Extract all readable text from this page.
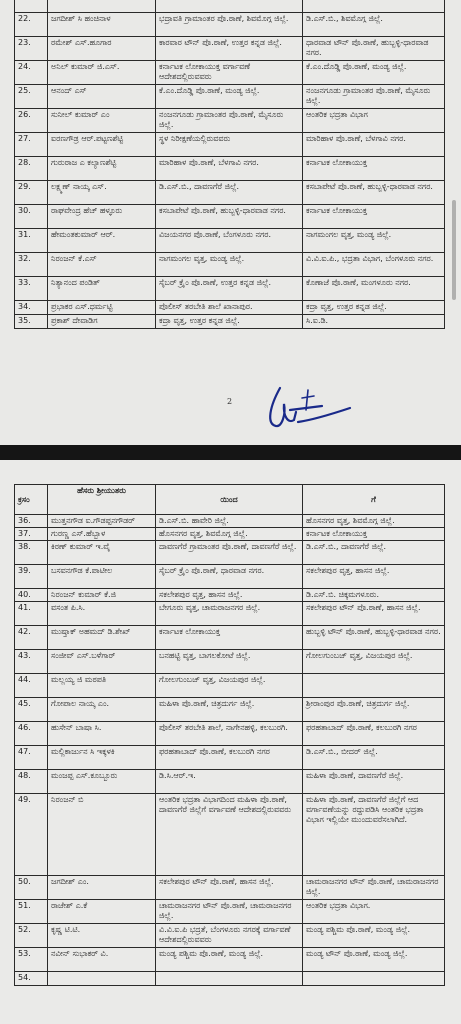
22.	ಜಗದೀಶ್ ಸಿ ಹಂಚಿನಾಳ	ಭದ್ರಾವತಿ ಗ್ರಾಮಾಂತರ ಪೊ.ಠಾಣೆ, ಶಿವಮೊಗ್ಗ ಜಿಲ್ಲೆ.	ಡಿ.ಎಸ್.ಬಿ., ಶಿವಮೊಗ್ಗ ಜಿಲ್ಲೆ.
23.	ರಮೇಶ್ ಎಸ್.ಹೂಗಾರ	ಕಾರವಾರ ಟೌನ್ ಪೊ.ಠಾಣೆ, ಉತ್ತರ ಕನ್ನಡ ಜಿಲ್ಲೆ.	ಧಾರವಾಡ ಟೌನ್ ಪೊ.ಠಾಣೆ, ಹುಬ್ಬಳ್ಳಿ-ಧಾರವಾಡ ನಗರ.
24.	ಅನಿಲ್ ಕುಮಾರ್ ಜಿ.ಎಸ್.	ಕರ್ನಾಟಕ ಲೋಕಾಯುಕ್ತ ವರ್ಗಾವಣೆ ಆದೇಶದಲ್ಲಿರುವವರು	ಕೆ.ಎಂ.ದೊಡ್ಡಿ ಪೊ.ಠಾಣೆ, ಮಂಡ್ಯ ಜಿಲ್ಲೆ.
25.	ಆನಂದ್ ಎಸ್	ಕೆ.ಎಂ.ದೊಡ್ಡಿ ಪೊ.ಠಾಣೆ, ಮಂಡ್ಯ ಜಿಲ್ಲೆ.	ನಂಜನಗೂಡು ಗ್ರಾಮಾಂತರ ಪೊ.ಠಾಣೆ, ಮೈಸೂರು ಜಿಲ್ಲೆ.
26.	ಸುನೀಲ್ ಕುಮಾರ್ ಎಂ	ನಂಜನಗೂಡು ಗ್ರಾಮಾಂತರ ಪೊ.ಠಾಣೆ, ಮೈಸೂರು ಜಿಲ್ಲೆ.	ಆಂತರಿಕ ಭದ್ರತಾ ವಿಭಾಗ
27.	ಐರಣಗೌಡ್ರ ಆರ್.ಪಟ್ಟಣಶೆಟ್ಟಿ	ಸ್ಥಳ ನಿರೀಕ್ಷಣೆಯಲ್ಲಿರುವವರು	ಮಾರಿಹಾಳ ಪೊ.ಠಾಣೆ, ಬೆಳಗಾವಿ ನಗರ.
28.	ಗುರುರಾಜ ಎ ಕಲ್ಯಾಣಶೆಟ್ಟಿ	ಮಾರಿಹಾಳ ಪೊ.ಠಾಣೆ, ಬೆಳಗಾವಿ ನಗರ.	ಕರ್ನಾಟಕ ಲೋಕಾಯುಕ್ತ
29.	ಲಕ್ಷ್ಮಣ್ ನಾಯ್ಕ ಎಸ್.	ಡಿ.ಎಸ್.ಬಿ., ದಾವಣಗೆರೆ ಜಿಲ್ಲೆ.	ಕಸಬಾಪೇಟೆ ಪೊ.ಠಾಣೆ, ಹುಬ್ಬಳ್ಳಿ-ಧಾರವಾಡ ನಗರ.
30.	ರಾಘವೇಂದ್ರ ಹೆಚ್ ಹಳ್ಳೂರು	ಕಸಬಾಪೇಟೆ ಪೊ.ಠಾಣೆ, ಹುಬ್ಬಳ್ಳಿ-ಧಾರವಾಡ ನಗರ.	ಕರ್ನಾಟಕ ಲೋಕಾಯುಕ್ತ
31.	ಹೇಮಂತಕುಮಾರ್ ಆರ್.	ವಿಜಯನಗರ ಪೊ.ಠಾಣೆ, ಬೆಂಗಳೂರು ನಗರ.	ನಾಗಮಂಗಲ ವೃತ್ತ, ಮಂಡ್ಯ ಜಿಲ್ಲೆ.
32.	ನಿರಂಜನ್ ಕೆ.ಎಸ್	ನಾಗಮಂಗಲ ವೃತ್ತ, ಮಂಡ್ಯ ಜಿಲ್ಲೆ.	ವಿ.ವಿ.ಐ.ಪಿ., ಭದ್ರತಾ ವಿಭಾಗ, ಬೆಂಗಳೂರು ನಗರ.
33.	ನಿತ್ಯಾನಂದ ಪಂಡಿತ್	ಸೈಬರ್ ಕ್ರೈಂ ಪೊ.ಠಾಣೆ, ಉತ್ತರ ಕನ್ನಡ ಜಿಲ್ಲೆ.	ಕೊಣಾಜೆ ಪೊ.ಠಾಣೆ, ಮಂಗಳೂರು ನಗರ.
34.	ಪ್ರಭಾಕರ ಎಸ್.ಧರ್ಮಟ್ಟಿ	ಪೊಲೀಸ್ ತರಬೇತಿ ಶಾಲೆ ಖಾನಾಪುರ.	ಕದ್ರಾ ವೃತ್ತ, ಉತ್ತರ ಕನ್ನಡ ಜಿಲ್ಲೆ.
35.	ಪ್ರಕಾಶ್ ದೇವಾಡಿಗ	ಕದ್ರಾ ವೃತ್ತ, ಉತ್ತರ ಕನ್ನಡ ಜಿಲ್ಲೆ.	ಸಿ.ಐ.ಡಿ.
2
ಕ್ರಸಂ	ಹೆಸರು ಶ್ರೀಯುತರು	ಯಿಂದ	ಗೆ
36.	ಮುತ್ತನಗೌಡ ಐ.ಗೌಡಪ್ಪನಗೌಡರ್	ಡಿ.ಎಸ್.ಬಿ. ಹಾವೇರಿ ಜಿಲ್ಲೆ.	ಹೊಸನಗರ ವೃತ್ತ, ಶಿವಮೊಗ್ಗ ಜಿಲ್ಲೆ.
37.	ಗುರಣ್ಣ ಎಸ್.ಹೆಬ್ಬಾಳ	ಹೊಸನಗರ ವೃತ್ತ, ಶಿವಮೊಗ್ಗ ಜಿಲ್ಲೆ.	ಕರ್ನಾಟಕ ಲೋಕಾಯುಕ್ತ
38.	ಕಿರಣ್ ಕುಮಾರ್ ಇ.ವೈ	ದಾವಣಗೆರೆ ಗ್ರಾಮಾಂತರ ಪೊ.ಠಾಣೆ, ದಾವಣಗೆರೆ ಜಿಲ್ಲೆ.	ಡಿ.ಎಸ್.ಬಿ., ದಾವಣಗೆರೆ ಜಿಲ್ಲೆ.
39.	ಬಸವನಗೌಡ ಕೆ.ಪಾಟೀಲ	ಸೈಬರ್ ಕ್ರೈಂ ಪೊ.ಠಾಣೆ, ಧಾರವಾಡ ನಗರ.	ಸಕಲೇಶಪುರ ವೃತ್ತ, ಹಾಸನ ಜಿಲ್ಲೆ.
40.	ನಿರಂಜನ್ ಕುಮಾರ್ ಕೆ.ಜಿ	ಸಕಲೇಶಪುರ ವೃತ್ತ, ಹಾಸನ ಜಿಲ್ಲೆ.	ಡಿ.ಎಸ್.ಬಿ. ಚಿಕ್ಕಮಗಳೂರು.
41.	ವಸಂತ ಪಿ.ಸಿ.	ಬೇಗೂರು ವೃತ್ತ, ಚಾಮರಾಜನಗರ ಜಿಲ್ಲೆ.	ಸಕಲೇಶಪುರ ಟೌನ್ ಪೊ.ಠಾಣೆ, ಹಾಸನ ಜಿಲ್ಲೆ.
42.	ಮುಷ್ತಾಕ್ ಅಹಮದ್ ಡಿ.ಶೇಖ್	ಕರ್ನಾಟಕ ಲೋಕಾಯುಕ್ತ	ಹುಬ್ಬಳ್ಳಿ ಟೌನ್ ಪೊ.ಠಾಣೆ, ಹುಬ್ಬಳ್ಳಿ-ಧಾರವಾಡ ನಗರ.
43.	ಸಂಜೀವ್ ಎಸ್.ಬಳೆಗಾರ್	ಬನಹಟ್ಟಿ ವೃತ್ತ, ಬಾಗಲಕೋಟೆ ಜಿಲ್ಲೆ.	ಗೋಲಗುಂಬಜ್ ವೃತ್ತ, ವಿಜಯಪುರ ಜಿಲ್ಲೆ.
44.	ಮಲ್ಲಯ್ಯ ಜಿ ಮಠಪತಿ	ಗೋಲಗುಂಬಜ್ ವೃತ್ತ, ವಿಜಯಪುರ ಜಿಲ್ಲೆ.	
45.	ಗೋಪಾಲ ನಾಯ್ಕ ಎಂ.	ಮಹಿಳಾ ಪೊ.ಠಾಣೆ, ಚಿತ್ರದುರ್ಗ ಜಿಲ್ಲೆ.	ಶ್ರೀರಾಂಪುರ ಪೊ.ಠಾಣೆ, ಚಿತ್ರದುರ್ಗ ಜಿಲ್ಲೆ.
46.	ಹುಸೇನ್ ಬಾಷಾ ಸಿ.	ಪೊಲೀಸ್ ತರಬೇತಿ ಶಾಲೆ, ನಾಗೇನಹಳ್ಳಿ, ಕಲಬುರಗಿ.	ಫರಹತಾಬಾದ್ ಪೊ.ಠಾಣೆ, ಕಲಬುರಗಿ ನಗರ
47.	ಮಲ್ಲಿಕಾರ್ಜುನ ಸಿ ಇಕ್ಕಳಕಿ	ಫರಹತಾಬಾದ್ ಪೊ.ಠಾಣೆ, ಕಲಬುರಗಿ ನಗರ	ಡಿ.ಎಸ್.ಬಿ., ಬೀದರ್ ಜಿಲ್ಲೆ.
48.	ಮಂಜಪ್ಪ ಎಸ್.ಕೂಬ್ಬೂರು	ಡಿ.ಸಿ.ಆರ್.ಇ.	ಮಹಿಳಾ ಪೊ.ಠಾಣೆ, ದಾವಣಗೆರೆ ಜಿಲ್ಲೆ.
49.	ನಿರಂಜನ್ ಬಿ	ಆಂತರಿಕ ಭದ್ರತಾ ವಿಭಾಗದಿಂದ ಮಹಿಳಾ ಪೊ.ಠಾಣೆ, ದಾವಣಗೆರೆ ಜಿಲ್ಲೆಗೆ ವರ್ಗಾವಣೆ ಆದೇಶದಲ್ಲಿರುವವರು	ಮಹಿಳಾ ಪೊ.ಠಾಣೆ, ದಾವಣಗೆರೆ ಜಿಲ್ಲೆಗೆ ಆದ ವರ್ಗಾವಣೆಯನ್ನು ರದ್ದುಪಡಿಸಿ ಆಂತರಿಕ ಭದ್ರತಾ ವಿಭಾಗ ಇಲ್ಲಿಯೇ ಮುಂದುವರೆಸಲಾಗಿದೆ.
50.	ಜಗದೀಶ್ ಎಂ.	ಸಕಲೇಶಪುರ ಟೌನ್ ಪೊ.ಠಾಣೆ, ಹಾಸನ ಜಿಲ್ಲೆ.	ಚಾಮರಾಜನಗರ ಟೌನ್ ಪೊ.ಠಾಣೆ, ಚಾಮರಾಜನಗರ ಜಿಲ್ಲೆ.
51.	ರಾಜೇಶ್ ಎ.ಕೆ	ಚಾಮರಾಜನಗರ ಟೌನ್ ಪೊ.ಠಾಣೆ, ಚಾಮರಾಜನಗರ ಜಿಲ್ಲೆ.	ಆಂತರಿಕ ಭದ್ರತಾ ವಿಭಾಗ.
52.	ಕೃಷ್ಣ ಟಿ.ಟಿ.	ವಿ.ವಿ.ಐ.ಪಿ ಭದ್ರತೆ, ಬೆಂಗಳೂರು ನಗರಕ್ಕೆ ವರ್ಗಾವಣೆ ಆದೇಶದಲ್ಲಿರುವವರು	ಮಂಡ್ಯ ಪಶ್ಚಿಮ ಪೊ.ಠಾಣೆ, ಮಂಡ್ಯ ಜಿಲ್ಲೆ.
53.	ನವೀನ್ ಸುಭಾಕರ್ ವಿ.	ಮಂಡ್ಯ ಪಶ್ಚಿಮ ಪೊ.ಠಾಣೆ, ಮಂಡ್ಯ ಜಿಲ್ಲೆ.	ಮಂಡ್ಯ ಟೌನ್ ಪೊ.ಠಾಣೆ, ಮಂಡ್ಯ ಜಿಲ್ಲೆ.
54.			
